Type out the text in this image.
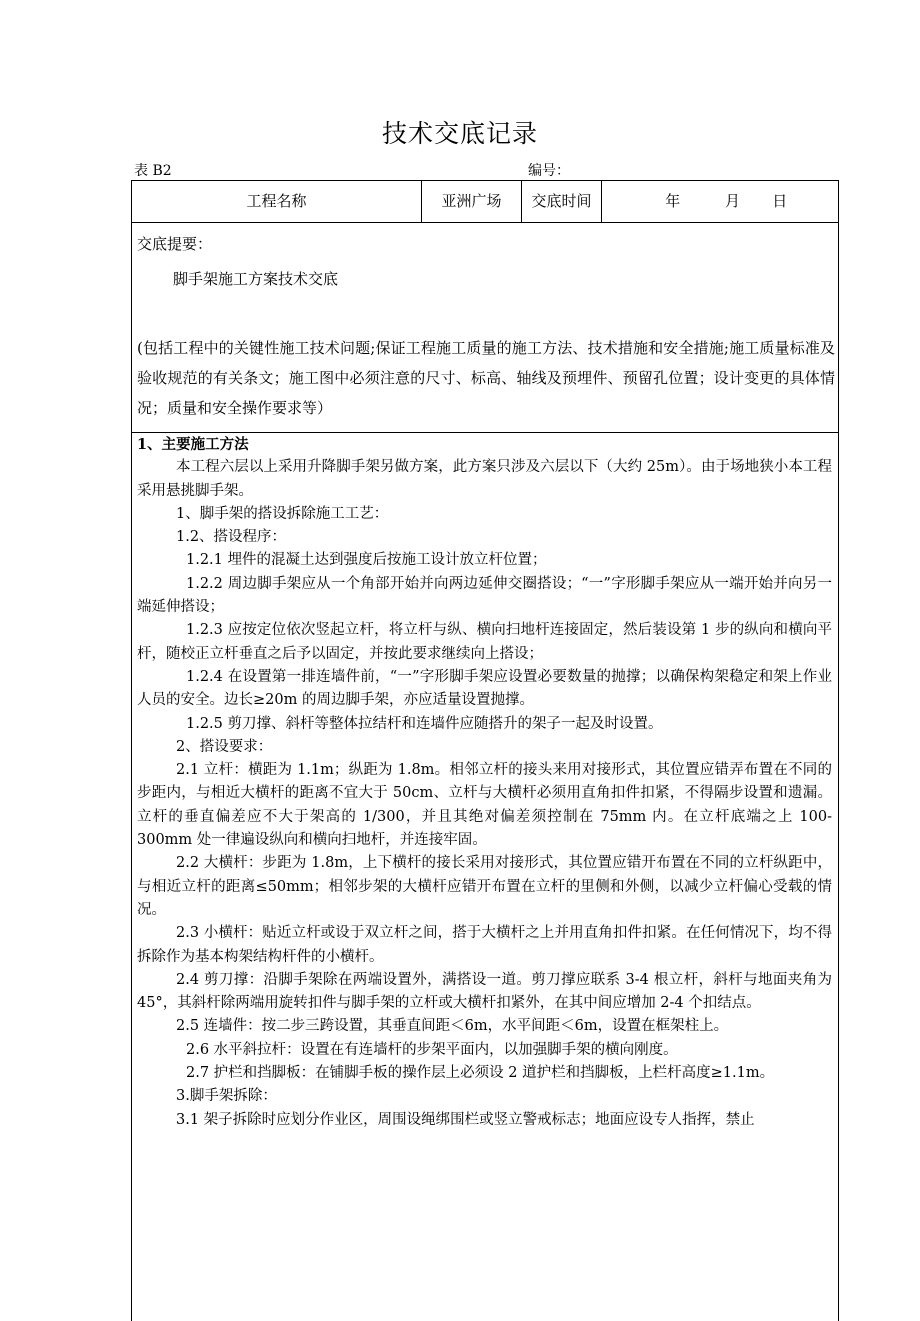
技术交底记录
表 B2	编号：
工程名称	亚洲广场	交底时间	年	月 日
交底提要：
脚手架施工方案技术交底
(包括工程中的关键性施工技术问题;保证工程施工质量的施工方法、技术措施和安全措施;施工质量标准及验收规范的有关条文；施工图中必须注意的尺寸、标高、轴线及预埋件、预留孔位置；设计变更的具体情况；质量和安全操作要求等）

1、主要施工方法

本工程六层以上采用升降脚手架另做方案，此方案只涉及六层以下（大约 25m）。由于场地狭小本工程采用悬挑脚手架。

1、脚手架的搭设拆除施工工艺：

1.2、搭设程序：

1.2.1 埋件的混凝土达到强度后按施工设计放立杆位置；

1.2.2 周边脚手架应从一个角部开始并向两边延伸交圈搭设；“一”字形脚手架应从一端开始并向另一端延伸搭设；

1.2.3 应按定位依次竖起立杆，将立杆与纵、横向扫地杆连接固定，然后装设第 1 步的纵向和横向平杆，随校正立杆垂直之后予以固定，并按此要求继续向上搭设；

1.2.4 在设置第一排连墙件前，“一”字形脚手架应设置必要数量的抛撑；以确保构架稳定和架上作业人员的安全。边长≥20m 的周边脚手架，亦应适量设置抛撑。

1.2.5 剪刀撑、斜杆等整体拉结杆和连墙件应随搭升的架子一起及时设置。

2、搭设要求：

2.1 立杆：横距为 1.1m；纵距为 1.8m。相邻立杆的接头来用对接形式，其位置应错弄布置在不同的步距内，与相近大横杆的距离不宜大于 50cm、立杆与大横杆必须用直角扣件扣紧，不得隔步设置和遗漏。立杆的垂直偏差应不大于架高的 1/300，并且其绝对偏差须控制在 75mm 内。在立杆底端之上 100-300mm 处一律遍设纵向和横向扫地杆，并连接牢固。

2.2 大横杆：步距为 1.8m，上下横杆的接长采用对接形式，其位置应错开布置在不同的立杆纵距中，与相近立杆的距离≤50mm；相邻步架的大横杆应错开布置在立杆的里侧和外侧，以减少立杆偏心受载的情况。

2.3 小横杆：贴近立杆或设于双立杆之间，搭于大横杆之上并用直角扣件扣紧。在任何情况下，均不得拆除作为基本构架结构杆件的小横杆。

2.4 剪刀撑：沿脚手架除在两端设置外，满搭设一道。剪刀撑应联系 3-4 根立杆，斜杆与地面夹角为 45°，其斜杆除两端用旋转扣件与脚手架的立杆或大横杆扣紧外，在其中间应增加 2-4 个扣结点。

2.5 连墙件：按二步三跨设置，其垂直间距＜6m，水平间距＜6m，设置在框架柱上。

2.6 水平斜拉杆：设置在有连墙杆的步架平面内，以加强脚手架的横向刚度。

2.7 护栏和挡脚板：在铺脚手板的操作层上必须设 2 道护栏和挡脚板，上栏杆高度≥1.1m。

3.脚手架拆除：

3.1 架子拆除时应划分作业区，周围设绳绑围栏或竖立警戒标志；地面应设专人指挥，禁止
